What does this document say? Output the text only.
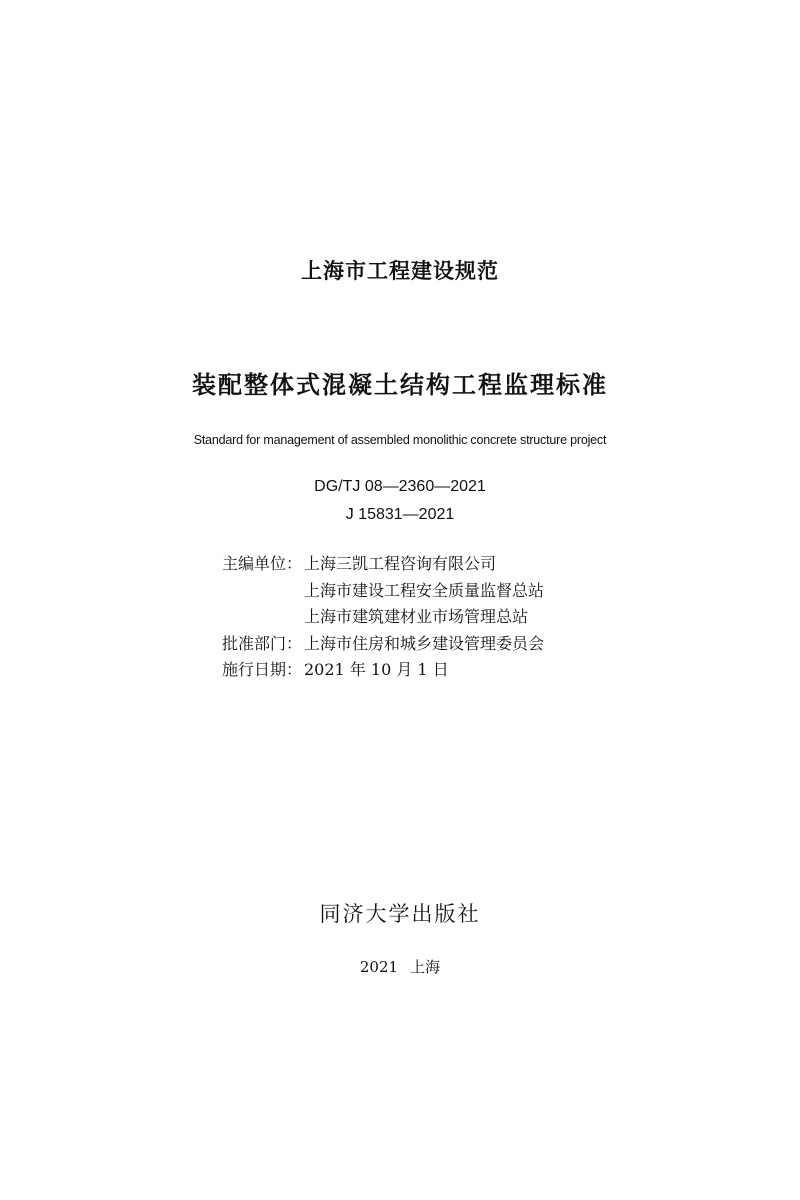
上海市工程建设规范
装配整体式混凝土结构工程监理标准
Standard for management of assembled monolithic concrete structure project
DG/TJ 08—2360—2021
J 15831—2021
主编单位： 上海三凯工程咨询有限公司
上海市建设工程安全质量监督总站
上海市建筑建材业市场管理总站
批准部门： 上海市住房和城乡建设管理委员会
施行日期： 2021 年 10 月 1 日
同济大学出版社
2021 上海
